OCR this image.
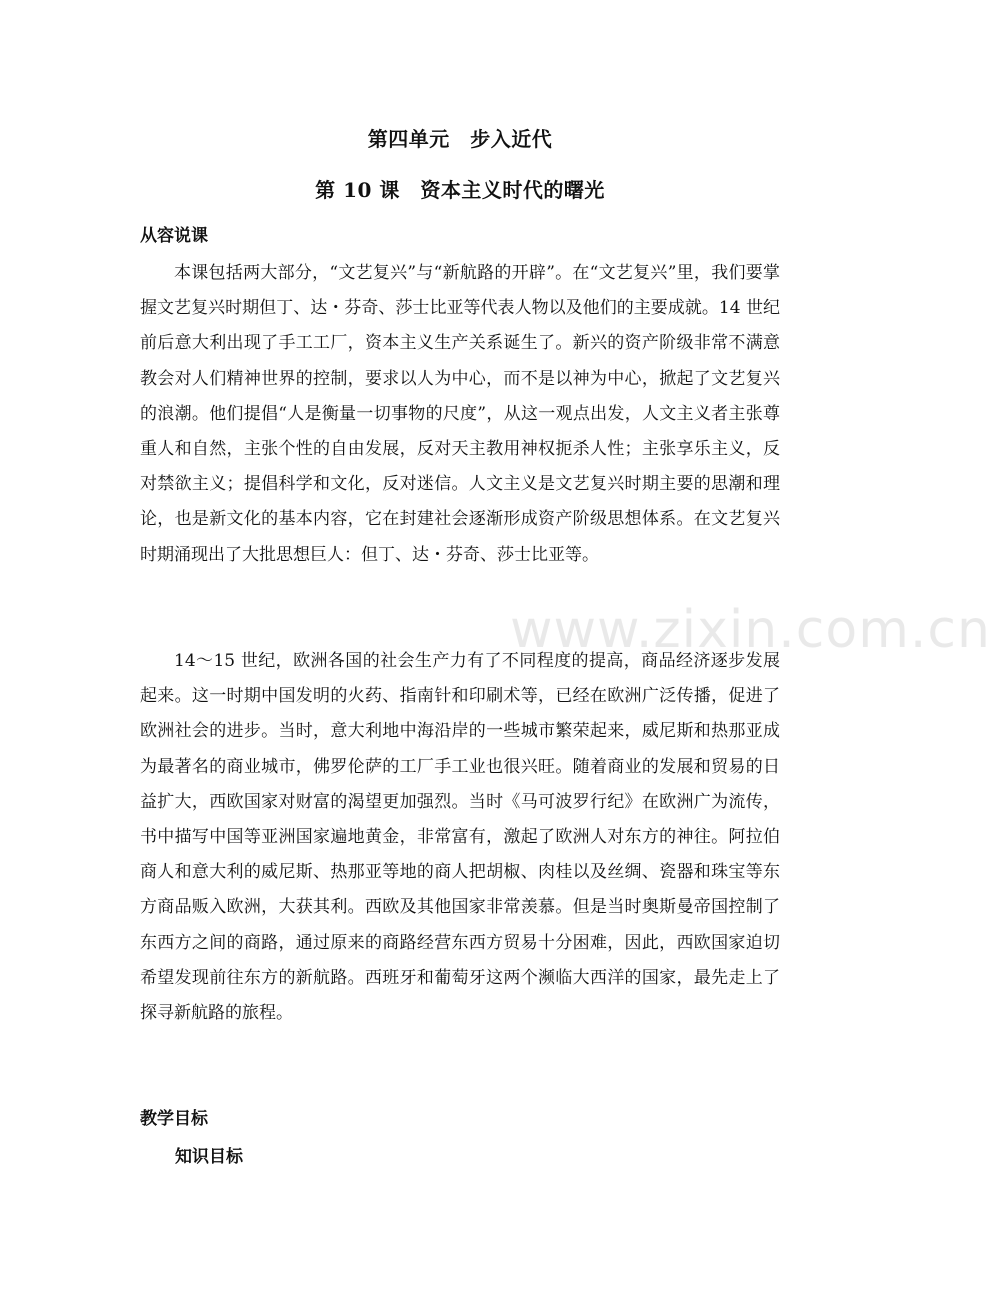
第四单元　步入近代
第 10 课　资本主义时代的曙光
从容说课

本课包括两大部分，“文艺复兴”与“新航路的开辟”。在“文艺复兴”里，我们要掌握文艺复兴时期但丁、达・芬奇、莎士比亚等代表人物以及他们的主要成就。14 世纪前后意大利出现了手工工厂，资本主义生产关系诞生了。新兴的资产阶级非常不满意教会对人们精神世界的控制，要求以人为中心，而不是以神为中心，掀起了文艺复兴的浪潮。他们提倡“人是衡量一切事物的尺度”，从这一观点出发，人文主义者主张尊重人和自然，主张个性的自由发展，反对天主教用神权扼杀人性；主张享乐主义，反对禁欲主义；提倡科学和文化，反对迷信。人文主义是文艺复兴时期主要的思潮和理论，也是新文化的基本内容，它在封建社会逐渐形成资产阶级思想体系。在文艺复兴时期涌现出了大批思想巨人：但丁、达・芬奇、莎士比亚等。

14～15 世纪，欧洲各国的社会生产力有了不同程度的提高，商品经济逐步发展起来。这一时期中国发明的火药、指南针和印刷术等，已经在欧洲广泛传播，促进了欧洲社会的进步。当时，意大利地中海沿岸的一些城市繁荣起来，威尼斯和热那亚成为最著名的商业城市，佛罗伦萨的工厂手工业也很兴旺。随着商业的发展和贸易的日益扩大，西欧国家对财富的渴望更加强烈。当时《马可波罗行纪》在欧洲广为流传，书中描写中国等亚洲国家遍地黄金，非常富有，激起了欧洲人对东方的神往。阿拉伯商人和意大利的威尼斯、热那亚等地的商人把胡椒、肉桂以及丝绸、瓷器和珠宝等东方商品贩入欧洲，大获其利。西欧及其他国家非常羡慕。但是当时奥斯曼帝国控制了东西方之间的商路，通过原来的商路经营东西方贸易十分困难，因此，西欧国家迫切希望发现前往东方的新航路。西班牙和葡萄牙这两个濒临大西洋的国家，最先走上了探寻新航路的旅程。

教学目标
知识目标
www.zixin.com.cn
